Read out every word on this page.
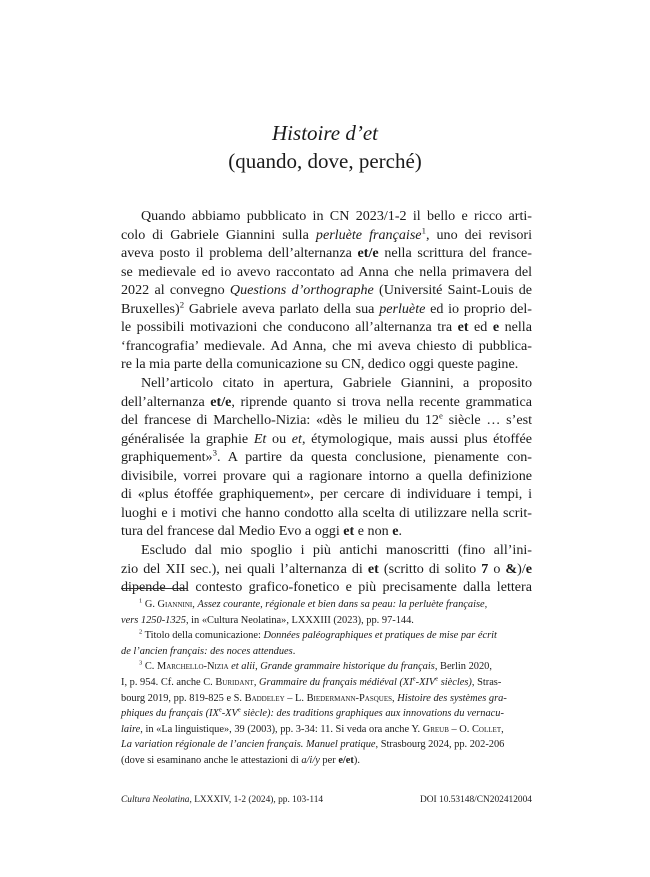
Histoire d’et
(quando, dove, perché)
Quando abbiamo pubblicato in CN 2023/1-2 il bello e ricco arti-
colo di Gabriele Giannini sulla perluète française$^1$, uno dei revisori
aveva posto il problema dell’alternanza et/e nella scrittura del france-
se medievale ed io avevo raccontato ad Anna che nella primavera del
2022 al convegno Questions d’orthographe (Université Saint-Louis de
Bruxelles)$^2$ Gabriele aveva parlato della sua perluète ed io proprio del-
le possibili motivazioni che conducono all’alternanza tra et ed e nella
‘francografia’ medievale. Ad Anna, che mi aveva chiesto di pubblica-
re la mia parte della comunicazione su CN, dedico oggi queste pagine.
Nell’articolo citato in apertura, Gabriele Giannini, a proposito
dell’alternanza et/e, riprende quanto si trova nella recente grammatica
del francese di Marchello-Nizia: «dès le milieu du 12e siècle … s’est
généralisée la graphie Et ou et, étymologique, mais aussi plus étoffée
graphiquement»$^3$. A partire da questa conclusione, pienamente con-
divisibile, vorrei provare qui a ragionare intorno a quella definizione
di «plus étoffée graphiquement», per cercare di individuare i tempi, i
luoghi e i motivi che hanno condotto alla scelta di utilizzare nella scrit-
tura del francese dal Medio Evo a oggi et e non e.
Escludo dal mio spoglio i più antichi manoscritti (fino all’ini-
zio del XII sec.), nei quali l’alternanza di et (scritto di solito 7 o &)/e
dipende dal contesto grafico-fonetico e più precisamente dalla lettera
$^1$ G. Giannini, Assez courante, régionale et bien dans sa peau: la perluète française,
vers 1250-1325, in «Cultura Neolatina», LXXXIII (2023), pp. 97-144.
$^2$ Titolo della comunicazione: Données paléographiques et pratiques de mise par écrit
de l’ancien français: des noces attendues.
$^3$ C. Marchello-Nizia et alii, Grande grammaire historique du français, Berlin 2020,
I, p. 954. Cf. anche C. Buridant, Grammaire du français médiéval (XIe-XIVe siècles), Stras-
bourg 2019, pp. 819-825 e S. Baddeley – L. Biedermann-Pasques, Histoire des systèmes gra-
phiques du français (IXe-XVe siècle): des traditions graphiques aux innovations du vernacu-
laire, in «La linguistique», 39 (2003), pp. 3-34: 11. Si veda ora anche Y. Greub – O. Collet,
La variation régionale de l’ancien français. Manuel pratique, Strasbourg 2024, pp. 202-206
(dove si esaminano anche le attestazioni di a/i/y per e/et).
Cultura Neolatina, LXXXIV, 1-2 (2024), pp. 103-114	DOI 10.53148/CN202412004
